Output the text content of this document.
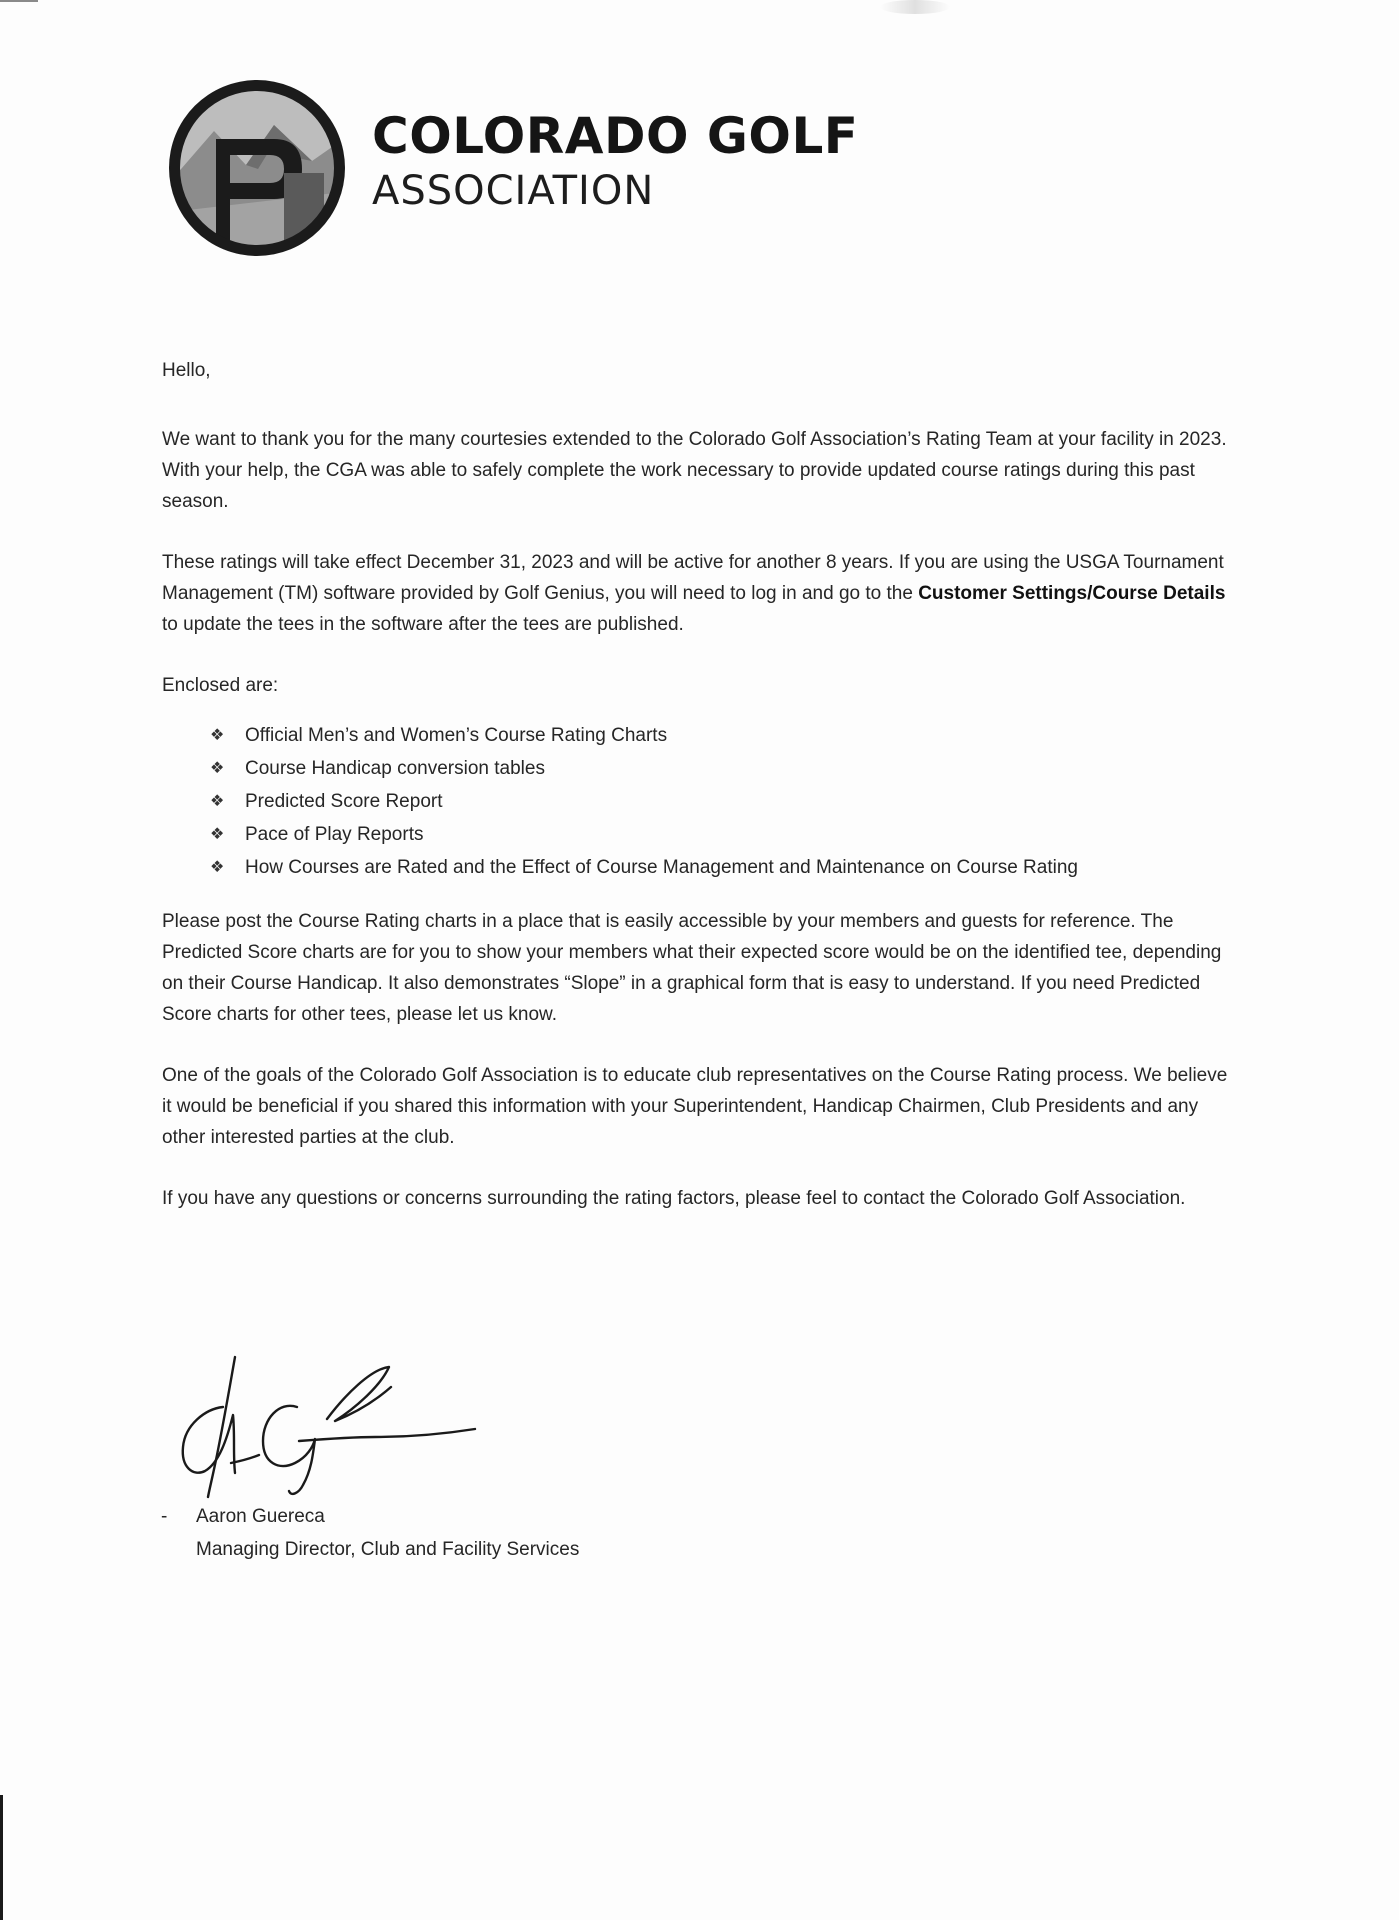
COLORADO GOLF
ASSOCIATION

Hello,

We want to thank you for the many courtesies extended to the Colorado Golf Association’s Rating Team at your facility in 2023. With your help, the CGA was able to safely complete the work necessary to provide updated course ratings during this past season.

These ratings will take effect December 31, 2023 and will be active for another 8 years. If you are using the USGA Tournament Management (TM) software provided by Golf Genius, you will need to log in and go to the Customer Settings/Course Details to update the tees in the software after the tees are published.

Enclosed are:

❖ Official Men’s and Women’s Course Rating Charts
❖ Course Handicap conversion tables
❖ Predicted Score Report
❖ Pace of Play Reports
❖ How Courses are Rated and the Effect of Course Management and Maintenance on Course Rating

Please post the Course Rating charts in a place that is easily accessible by your members and guests for reference. The Predicted Score charts are for you to show your members what their expected score would be on the identified tee, depending on their Course Handicap. It also demonstrates “Slope” in a graphical form that is easy to understand. If you need Predicted Score charts for other tees, please let us know.

One of the goals of the Colorado Golf Association is to educate club representatives on the Course Rating process. We believe it would be beneficial if you shared this information with your Superintendent, Handicap Chairmen, Club Presidents and any other interested parties at the club.

If you have any questions or concerns surrounding the rating factors, please feel to contact the Colorado Golf Association.

- Aaron Guereca
Managing Director, Club and Facility Services
